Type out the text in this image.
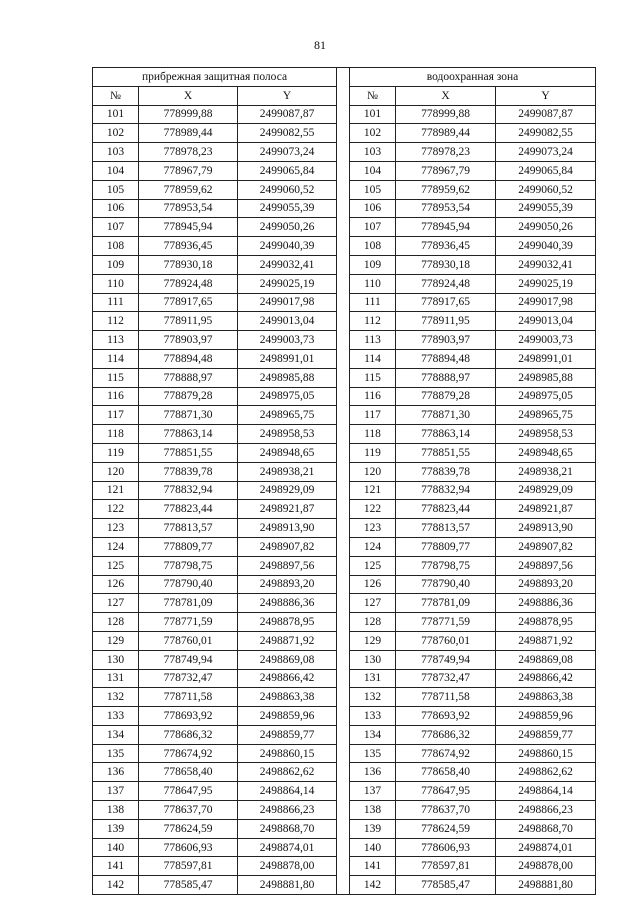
81
прибрежная защитная полоса				водоохранная зона		
№	X	Y		№	X	Y
101	778999,88	2499087,87		101	778999,88	2499087,87
102	778989,44	2499082,55		102	778989,44	2499082,55
103	778978,23	2499073,24		103	778978,23	2499073,24
104	778967,79	2499065,84		104	778967,79	2499065,84
105	778959,62	2499060,52		105	778959,62	2499060,52
106	778953,54	2499055,39		106	778953,54	2499055,39
107	778945,94	2499050,26		107	778945,94	2499050,26
108	778936,45	2499040,39		108	778936,45	2499040,39
109	778930,18	2499032,41		109	778930,18	2499032,41
110	778924,48	2499025,19		110	778924,48	2499025,19
111	778917,65	2499017,98		111	778917,65	2499017,98
112	778911,95	2499013,04		112	778911,95	2499013,04
113	778903,97	2499003,73		113	778903,97	2499003,73
114	778894,48	2498991,01		114	778894,48	2498991,01
115	778888,97	2498985,88		115	778888,97	2498985,88
116	778879,28	2498975,05		116	778879,28	2498975,05
117	778871,30	2498965,75		117	778871,30	2498965,75
118	778863,14	2498958,53		118	778863,14	2498958,53
119	778851,55	2498948,65		119	778851,55	2498948,65
120	778839,78	2498938,21		120	778839,78	2498938,21
121	778832,94	2498929,09		121	778832,94	2498929,09
122	778823,44	2498921,87		122	778823,44	2498921,87
123	778813,57	2498913,90		123	778813,57	2498913,90
124	778809,77	2498907,82		124	778809,77	2498907,82
125	778798,75	2498897,56		125	778798,75	2498897,56
126	778790,40	2498893,20		126	778790,40	2498893,20
127	778781,09	2498886,36		127	778781,09	2498886,36
128	778771,59	2498878,95		128	778771,59	2498878,95
129	778760,01	2498871,92		129	778760,01	2498871,92
130	778749,94	2498869,08		130	778749,94	2498869,08
131	778732,47	2498866,42		131	778732,47	2498866,42
132	778711,58	2498863,38		132	778711,58	2498863,38
133	778693,92	2498859,96		133	778693,92	2498859,96
134	778686,32	2498859,77		134	778686,32	2498859,77
135	778674,92	2498860,15		135	778674,92	2498860,15
136	778658,40	2498862,62		136	778658,40	2498862,62
137	778647,95	2498864,14		137	778647,95	2498864,14
138	778637,70	2498866,23		138	778637,70	2498866,23
139	778624,59	2498868,70		139	778624,59	2498868,70
140	778606,93	2498874,01		140	778606,93	2498874,01
141	778597,81	2498878,00		141	778597,81	2498878,00
142	778585,47	2498881,80		142	778585,47	2498881,80
